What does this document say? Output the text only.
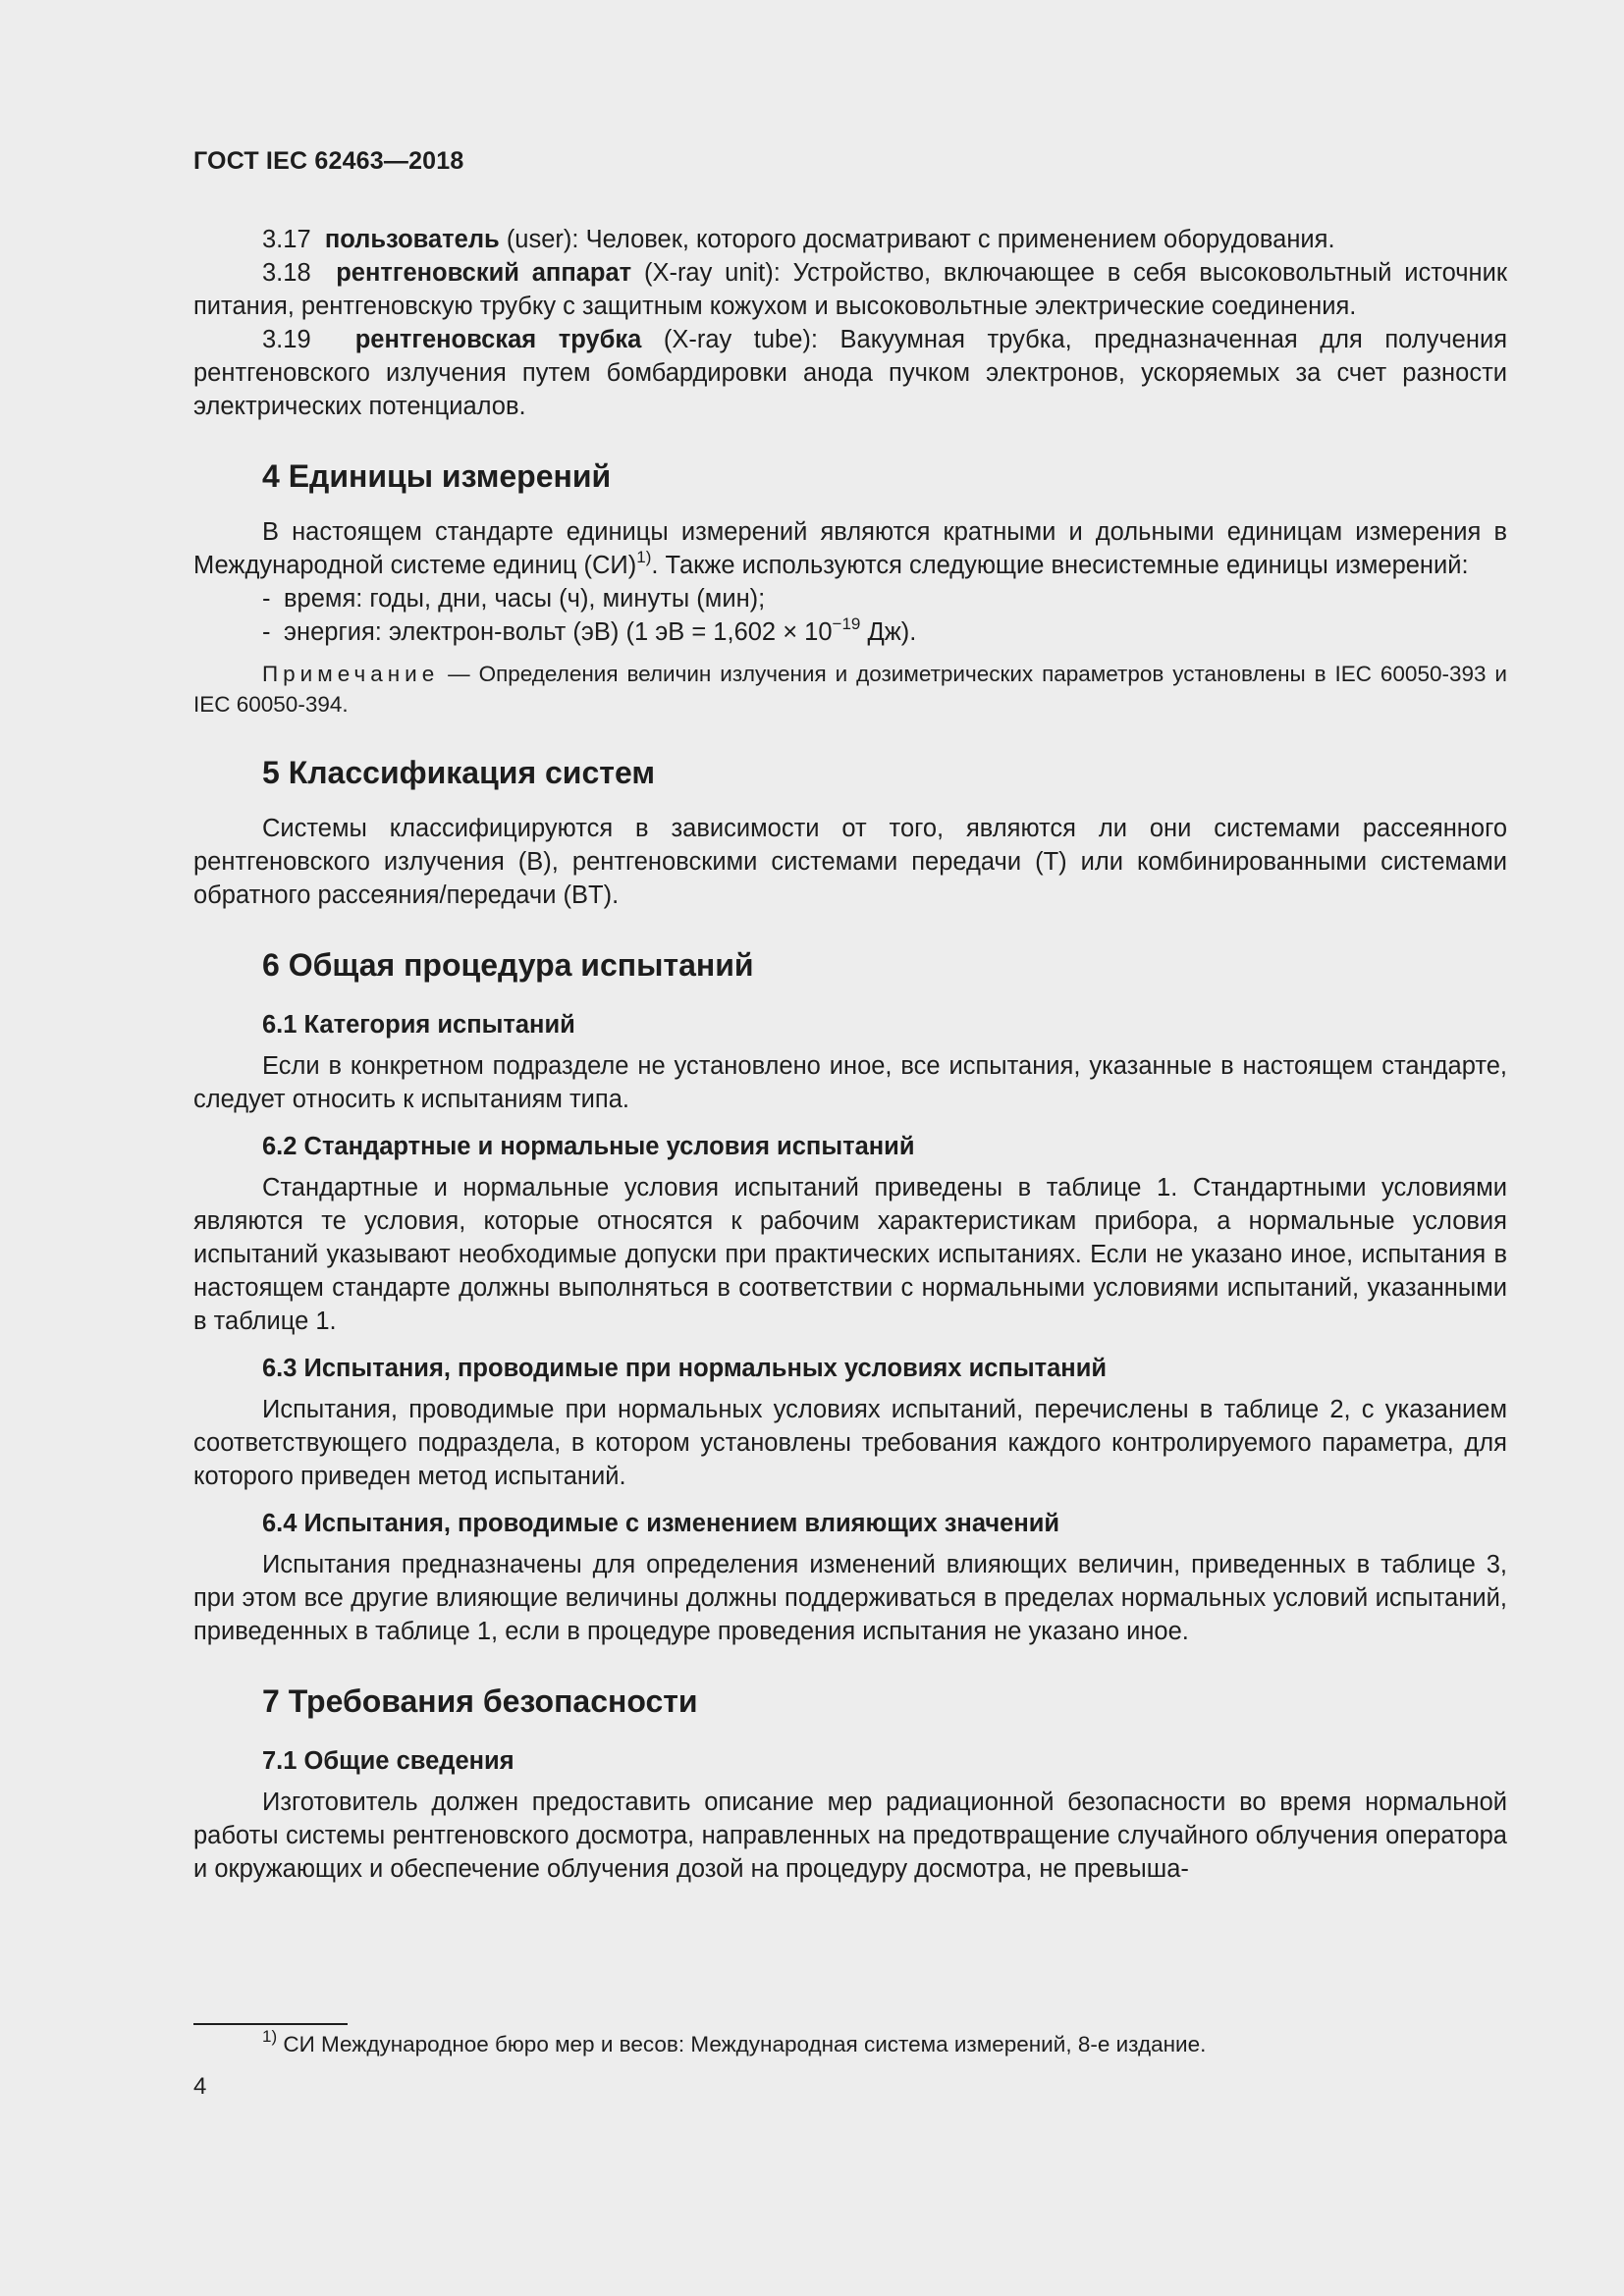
ГОСТ IEC 62463—2018

3.17 пользователь (user): Человек, которого досматривают с применением оборудования.

3.18 рентгеновский аппарат (X-ray unit): Устройство, включающее в себя высоковольтный источник питания, рентгеновскую трубку с защитным кожухом и высоковольтные электрические соединения.

3.19 рентгеновская трубка (X-ray tube): Вакуумная трубка, предназначенная для получения рентгеновского излучения путем бомбардировки анода пучком электронов, ускоряемых за счет разности электрических потенциалов.

4 Единицы измерений

В настоящем стандарте единицы измерений являются кратными и дольными единицам измерения в Международной системе единиц (СИ)$^{1)}$. Также используются следующие внесистемные единицы измерений:

- время: годы, дни, часы (ч), минуты (мин);

- энергия: электрон-вольт (эВ) (1 эВ = $1,602 \times 10^{-19}$ Дж).

Примечание — Определения величин излучения и дозиметрических параметров установлены в IEC 60050-393 и IEC 60050-394.

5 Классификация систем

Системы классифицируются в зависимости от того, являются ли они системами рассеянного рентгеновского излучения (B), рентгеновскими системами передачи (T) или комбинированными системами обратного рассеяния/передачи (BT).

6 Общая процедура испытаний
6.1 Категория испытаний

Если в конкретном подразделе не установлено иное, все испытания, указанные в настоящем стандарте, следует относить к испытаниям типа.

6.2 Стандартные и нормальные условия испытаний

Стандартные и нормальные условия испытаний приведены в таблице 1. Стандартными условиями являются те условия, которые относятся к рабочим характеристикам прибора, а нормальные условия испытаний указывают необходимые допуски при практических испытаниях. Если не указано иное, испытания в настоящем стандарте должны выполняться в соответствии с нормальными условиями испытаний, указанными в таблице 1.

6.3 Испытания, проводимые при нормальных условиях испытаний

Испытания, проводимые при нормальных условиях испытаний, перечислены в таблице 2, с указанием соответствующего подраздела, в котором установлены требования каждого контролируемого параметра, для которого приведен метод испытаний.

6.4 Испытания, проводимые с изменением влияющих значений

Испытания предназначены для определения изменений влияющих величин, приведенных в таблице 3, при этом все другие влияющие величины должны поддерживаться в пределах нормальных условий испытаний, приведенных в таблице 1, если в процедуре проведения испытания не указано иное.

7 Требования безопасности
7.1 Общие сведения

Изготовитель должен предоставить описание мер радиационной безопасности во время нормальной работы системы рентгеновского досмотра, направленных на предотвращение случайного облучения оператора и окружающих и обеспечение облучения дозой на процедуру досмотра, не превыша-

$^{1)}$ СИ Международное бюро мер и весов: Международная система измерений, 8-е издание.
4
